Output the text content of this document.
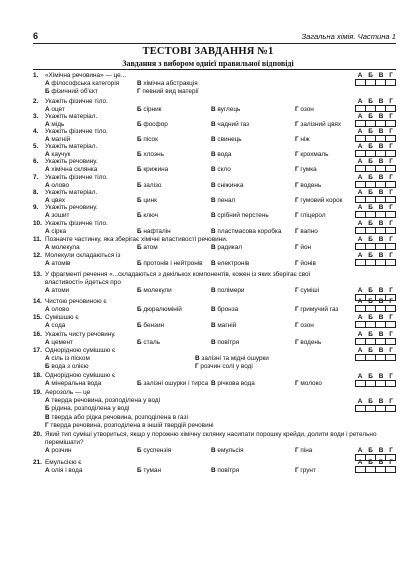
6	Загальна хімія. Частина 1
ТЕСТОВІ ЗАВДАННЯ №1
Завдання з вибором однієї правильної відповіді
1. «Хімічна речовина» — це...
А філософська категорія	В хімічна абстракція
Б фізичний об'єкт	Г певний вид матерії
А Б В Г
2. Укажіть фізичне тіло.
А оцет	Б сірник	В вуглець	Г озон
А Б В Г
3. Укажіть матеріал.
А мідь	Б фосфор	В чадний газ	Г залізний цвях
А Б В Г
4. Укажіть фізичне тіло.
А магній	Б пісок	В свинець	Г ніж
А Б В Г
5. Укажіть матеріал.
А каучук	Б хлоэнь	В вода	Г крохмаль
А Б В Г
6. Укажіть речовину.
А хімічна склянка	Б крижина	В скло	Г гумка
А Б В Г
7. Укажіть фізичне тіло.
А олово	Б залізо	В сніжинка	Г водень
А Б В Г
8. Укажіть матеріал.
А цвях	Б цинк	В пенал	Г гумовий корок
А Б В Г
9. Укажіть речовину.
А зошит	Б ключ	В срібний перстень	Г гліцерол
А Б В Г
10. Укажіть фізичне тіло.
А сірка	Б нафталін	В пластмасова коробка Г вапно
А Б В Г
11. Позначте частинку, яка зберігає хімічні властивості речовини.
А молекула	Б атом	В радикал	Г йон
А Б В Г
12. Молекули складаються із
А атомів	Б протонів і нейтронів В електронів	Г йонів
А Б В Г
13. У фрагменті речення «...складаються з декількох компонентів, кожен із яких зберігає свої властивості» йдеться про
А атоми	Б молекули	В полімери	Г суміші	А Б В Г
14. Чистою речовиною є
А олово	Б дюралюміній	В бронза	Г гримучий газ
А Б В Г
15. Сумішшю є
А сода	Б бензин	В магній	Г озон
А Б В Г
16. Укажіть чисту речовину.
А цемент	Б сталь	В повітря	Г водень
А Б В Г
17. Однорідною сумішшю є
А сіль із піском	В залізні та мідні ошурки
Б вода з олією	Г розчин солі у воді
А Б В Г
18. Однорідною сумішшю є
А мінеральна вода	Б залізні ошурки і тирса В річкова вода	Г молоко
А Б В Г
19. Аерозоль — це
А тверда речовина, розподілена у воді
Б рідина, розподілена у воді
В тверда або рідка речовина, розподілена в газі
Г тверда речовина, розподілена в іншій твердій речовині
А Б В Г
20. Який тип суміші утвориться, якщо у порожню хімічну склянку насипати порошку крейди, долити води і ретельно перемішати?
А розчин	Б суспензія	В емульсія	Г піна	А Б В Г
21. Емульсією є
А олія і вода	Б туман	В повітря	Г грунт
А Б В Г
